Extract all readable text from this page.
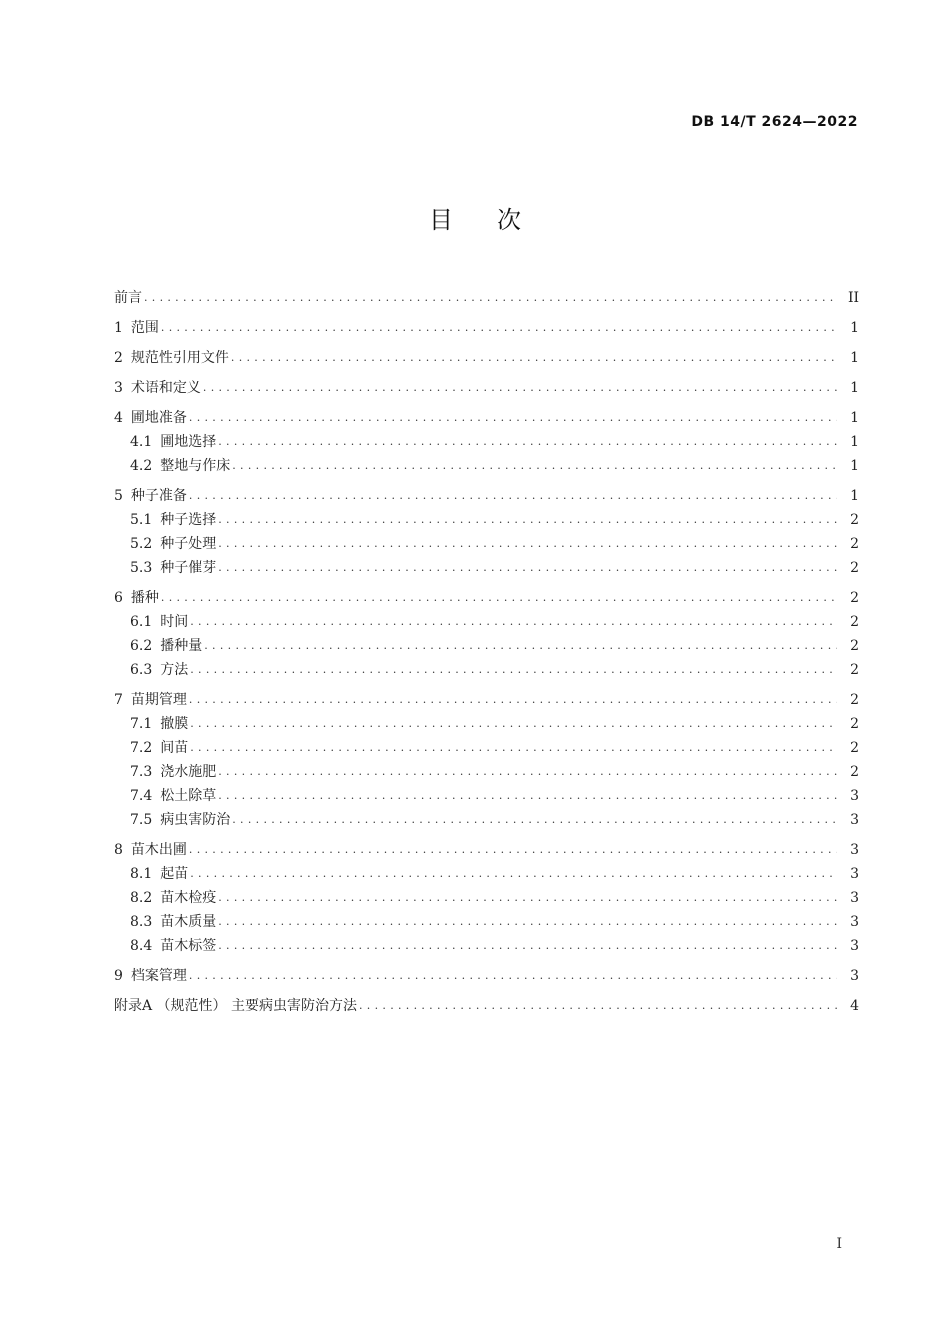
DB 14/T 2624—2022
目 次
前言 . . .	II
1 范围 . . .	1
2 规范性引用文件 . . .	1
3 术语和定义 . . .	1
4 圃地准备 . . .	1
4.1 圃地选择 . . .	1
4.2 整地与作床 . . .	1
5 种子准备 . . .	1
5.1 种子选择 . . .	2
5.2 种子处理 . . .	2
5.3 种子催芽 . . .	2
6 播种 . . .	2
6.1 时间 . . .	2
6.2 播种量 . . .	2
6.3 方法 . . .	2
7 苗期管理 . . .	2
7.1 撤膜 . . .	2
7.2 间苗 . . .	2
7.3 浇水施肥 . . .	2
7.4 松土除草 . . .	3
7.5 病虫害防治 . . .	3
8 苗木出圃 . . .	3
8.1 起苗 . . .	3
8.2 苗木检疫 . . .	3
8.3 苗木质量 . . .	3
8.4 苗木标签 . . .	3
9 档案管理 . . .	3
附录A （规范性） 主要病虫害防治方法 . . .	4
I
